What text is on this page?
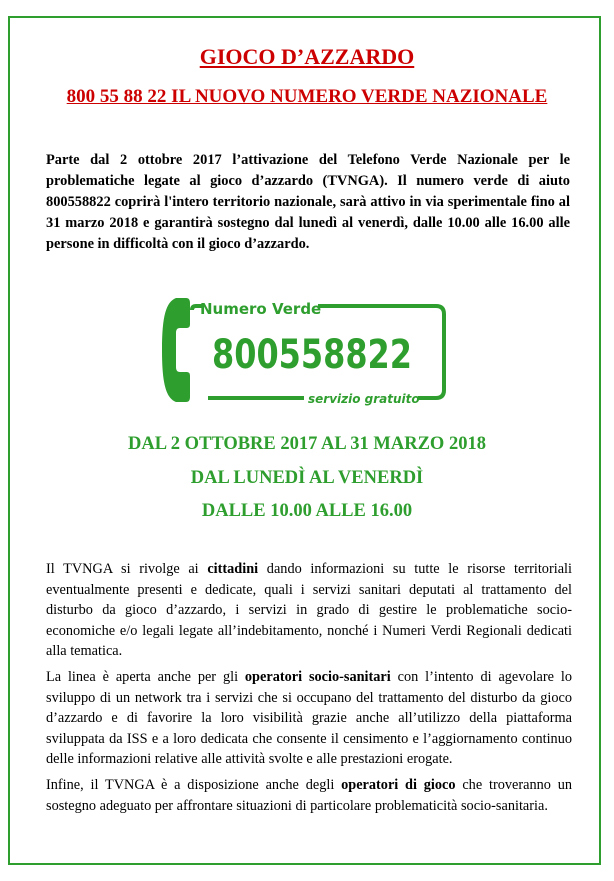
GIOCO D’AZZARDO
800 55 88 22 IL NUOVO NUMERO VERDE NAZIONALE
Parte dal 2 ottobre 2017 l’attivazione del Telefono Verde Nazionale per le problematiche legate al gioco d’azzardo (TVNGA). Il numero verde di aiuto 800558822 coprirà l'intero territorio nazionale, sarà attivo in via sperimentale fino al 31 marzo 2018 e garantirà sostegno dal lunedì al venerdì, dalle 10.00 alle 16.00 alle persone in difficoltà con il gioco d’azzardo.
Numero Verde
800558822
servizio gratuito
DAL 2 OTTOBRE 2017 AL 31 MARZO 2018
DAL LUNEDÌ AL VENERDÌ
DALLE 10.00 ALLE 16.00
Il TVNGA si rivolge ai cittadini dando informazioni su tutte le risorse territoriali eventualmente presenti e dedicate, quali i servizi sanitari deputati al trattamento del disturbo da gioco d’azzardo, i servizi in grado di gestire le problematiche socio-economiche e/o legali legate all’indebitamento, nonché i Numeri Verdi Regionali dedicati alla tematica.
La linea è aperta anche per gli operatori socio-sanitari con l’intento di agevolare lo sviluppo di un network tra i servizi che si occupano del trattamento del disturbo da gioco d’azzardo e di favorire la loro visibilità grazie anche all’utilizzo della piattaforma sviluppata da ISS e a loro dedicata che consente il censimento e l’aggiornamento continuo delle informazioni relative alle attività svolte e alle prestazioni erogate.
Infine, il TVNGA è a disposizione anche degli operatori di gioco che troveranno un sostegno adeguato per affrontare situazioni di particolare problematicità socio-sanitaria.
